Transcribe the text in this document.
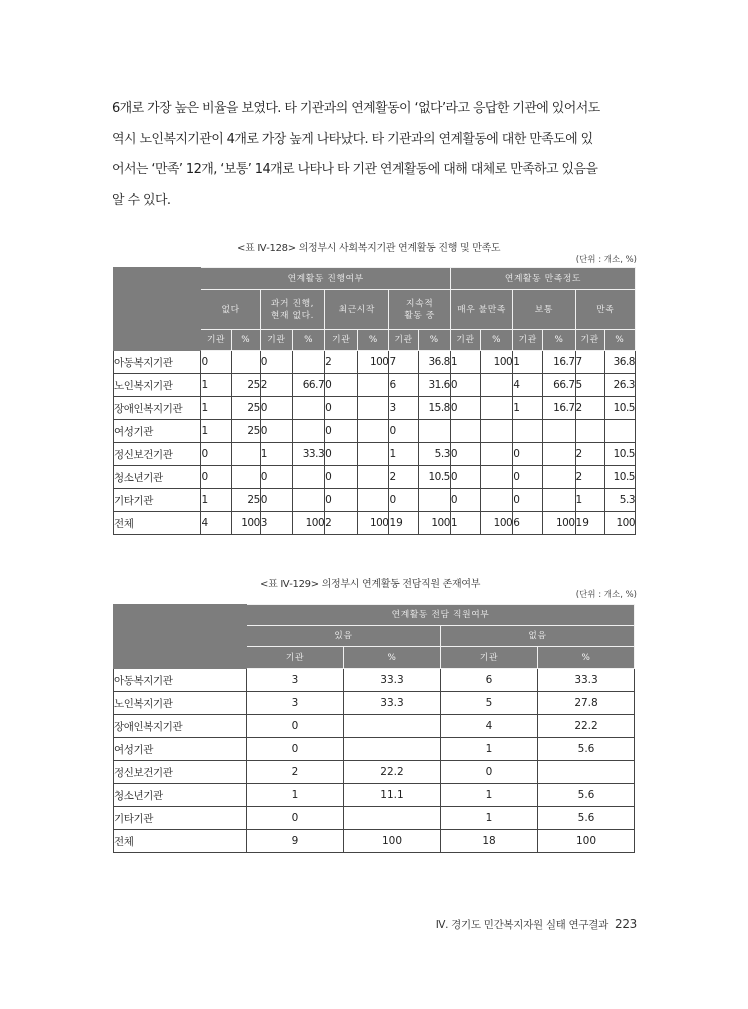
6개로 가장 높은 비율을 보였다. 타 기관과의 연계활동이 ‘없다’라고 응답한 기관에 있어서도

역시 노인복지기관이 4개로 가장 높게 나타났다. 타 기관과의 연계활동에 대한 만족도에 있

어서는 ‘만족’ 12개, ‘보통’ 14개로 나타나 타 기관 연계활동에 대해 대체로 만족하고 있음을

알 수 있다.

<표 Ⅳ-128> 의정부시 사회복지기관 연계활동 진행 및 만족도
(단위 : 개소, %)
	연계활동 진행여부								연계활동 만족정도					
	없다		과거 진행,
현재 없다.		최근시작		지속적
활동 중		매우 불만족		보통		만족	
	기관	%	기관	%	기관	%	기관	%	기관	%	기관	%	기관	%
아동복지기관	0		0		2	100	7	36.8	1	100	1	16.7	7	36.8
노인복지기관	1	25	2	66.7	0		6	31.6	0		4	66.7	5	26.3
장애인복지기관	1	25	0		0		3	15.8	0		1	16.7	2	10.5
여성기관	1	25	0		0		0							
정신보건기관	0		1	33.3	0		1	5.3	0		0		2	10.5
청소년기관	0		0		0		2	10.5	0		0		2	10.5
기타기관	1	25	0		0		0		0		0		1	5.3
전체	4	100	3	100	2	100	19	100	1	100	6	100	19	100
<표 Ⅳ-129> 의정부시 연계활동 전담직원 존재여부
(단위 : 개소, %)
	연계활동 전담 직원여부			
	있음		없음	
	기관	%	기관	%
아동복지기관	3	33.3	6	33.3
노인복지기관	3	33.3	5	27.8
장애인복지기관	0		4	22.2
여성기관	0		1	5.6
정신보건기관	2	22.2	0	
청소년기관	1	11.1	1	5.6
기타기관	0		1	5.6
전체	9	100	18	100
Ⅳ. 경기도 민간복지자원 실태 연구결과 223
